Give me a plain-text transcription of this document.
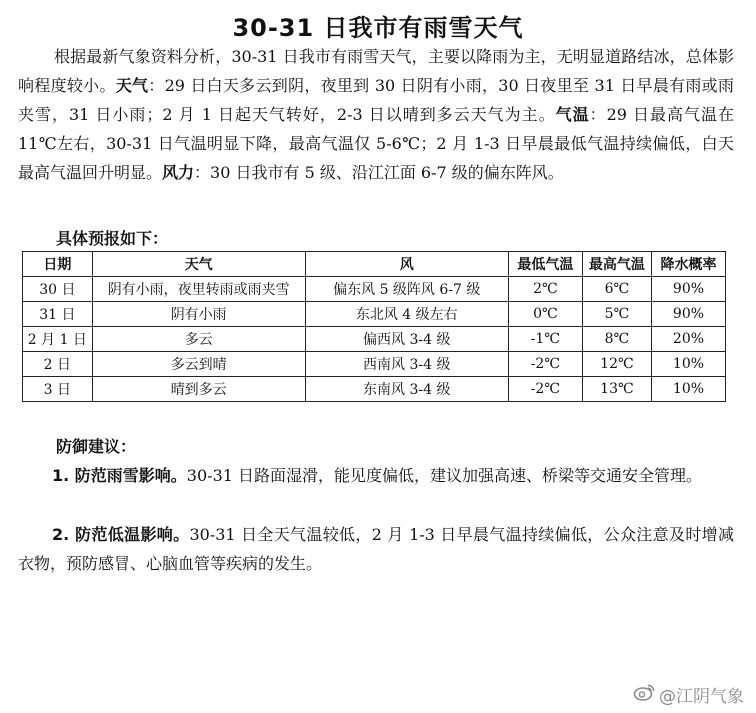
30-31 日我市有雨雪天气
根据最新气象资料分析，30-31 日我市有雨雪天气，主要以降雨为主，无明显道路结冰，总体影响程度较小。天气：29 日白天多云到阴，夜里到 30 日阴有小雨，30 日夜里至 31 日早晨有雨或雨夹雪，31 日小雨；2 月 1 日起天气转好，2-3 日以晴到多云天气为主。气温：29 日最高气温在 11℃左右，30-31 日气温明显下降，最高气温仅 5-6℃；2 月 1-3 日早晨最低气温持续偏低，白天最高气温回升明显。风力：30 日我市有 5 级、沿江江面 6-7 级的偏东阵风。
具体预报如下：
日期	天气	风	最低气温	最高气温	降水概率
30 日	阴有小雨，夜里转雨或雨夹雪	偏东风 5 级阵风 6-7 级	2℃	6℃	90%
31 日	阴有小雨	东北风 4 级左右	0℃	5℃	90%
2 月 1 日	多云	偏西风 3-4 级	-1℃	8℃	20%
2 日	多云到晴	西南风 3-4 级	-2℃	12℃	10%
3 日	晴到多云	东南风 3-4 级	-2℃	13℃	10%
防御建议：
1. 防范雨雪影响。30-31 日路面湿滑，能见度偏低，建议加强高速、桥梁等交通安全管理。
2. 防范低温影响。30-31 日全天气温较低，2 月 1-3 日早晨气温持续偏低，公众注意及时增减衣物，预防感冒、心脑血管等疾病的发生。
@江阴气象
